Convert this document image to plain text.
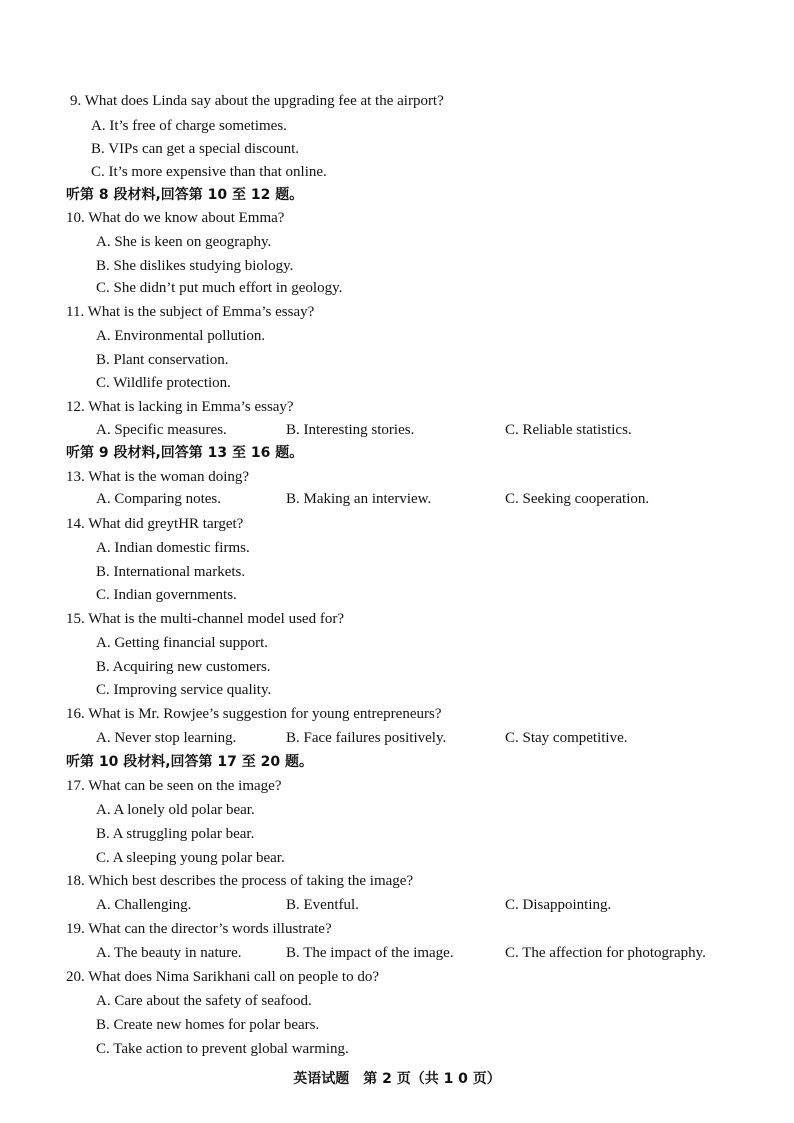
9. What does Linda say about the upgrading fee at the airport?
A. It’s free of charge sometimes.
B. VIPs can get a special discount.
C. It’s more expensive than that online.
听第 8 段材料,回答第 10 至 12 题。
10. What do we know about Emma?
A. She is keen on geography.
B. She dislikes studying biology.
C. She didn’t put much effort in geology.
11. What is the subject of Emma’s essay?
A. Environmental pollution.
B. Plant conservation.
C. Wildlife protection.
12. What is lacking in Emma’s essay?
A. Specific measures.	B. Interesting stories.	C. Reliable statistics.
听第 9 段材料,回答第 13 至 16 题。
13. What is the woman doing?
A. Comparing notes.	B. Making an interview.	C. Seeking cooperation.
14. What did greytHR target?
A. Indian domestic firms.
B. International markets.
C. Indian governments.
15. What is the multi-channel model used for?
A. Getting financial support.
B. Acquiring new customers.
C. Improving service quality.
16. What is Mr. Rowjee’s suggestion for young entrepreneurs?
A. Never stop learning.	B. Face failures positively.	C. Stay competitive.
听第 10 段材料,回答第 17 至 20 题。
17. What can be seen on the image?
A. A lonely old polar bear.
B. A struggling polar bear.
C. A sleeping young polar bear.
18. Which best describes the process of taking the image?
A. Challenging.	B. Eventful.	C. Disappointing.
19. What can the director’s words illustrate?
A. The beauty in nature.	B. The impact of the image.	C. The affection for photography.
20. What does Nima Sarikhani call on people to do?
A. Care about the safety of seafood.
B. Create new homes for polar bears.
C. Take action to prevent global warming.
英语试题　第 2 页（共 1 0 页）
